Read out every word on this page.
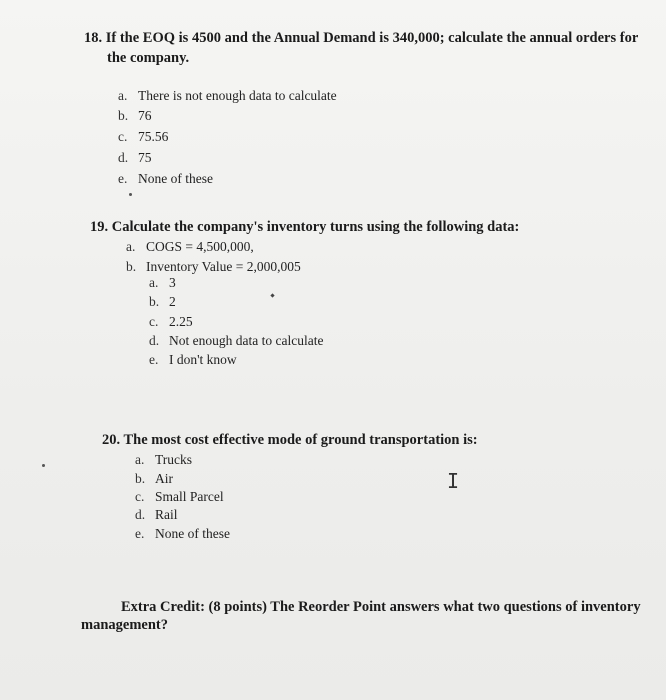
18. If the EOQ is 4500 and the Annual Demand is 340,000; calculate the annual orders for
the company.
a. There is not enough data to calculate
b. 76
c. 75.56
d. 75
e. None of these
19. Calculate the company's inventory turns using the following data:
a. COGS = 4,500,000,
b. Inventory Value = 2,000,005
a. 3
b. 2
c. 2.25
d. Not enough data to calculate
e. I don't know
20. The most cost effective mode of ground transportation is:
a. Trucks
b. Air
c. Small Parcel
d. Rail
e. None of these
I
Extra Credit: (8 points) The Reorder Point answers what two questions of inventory
management?
